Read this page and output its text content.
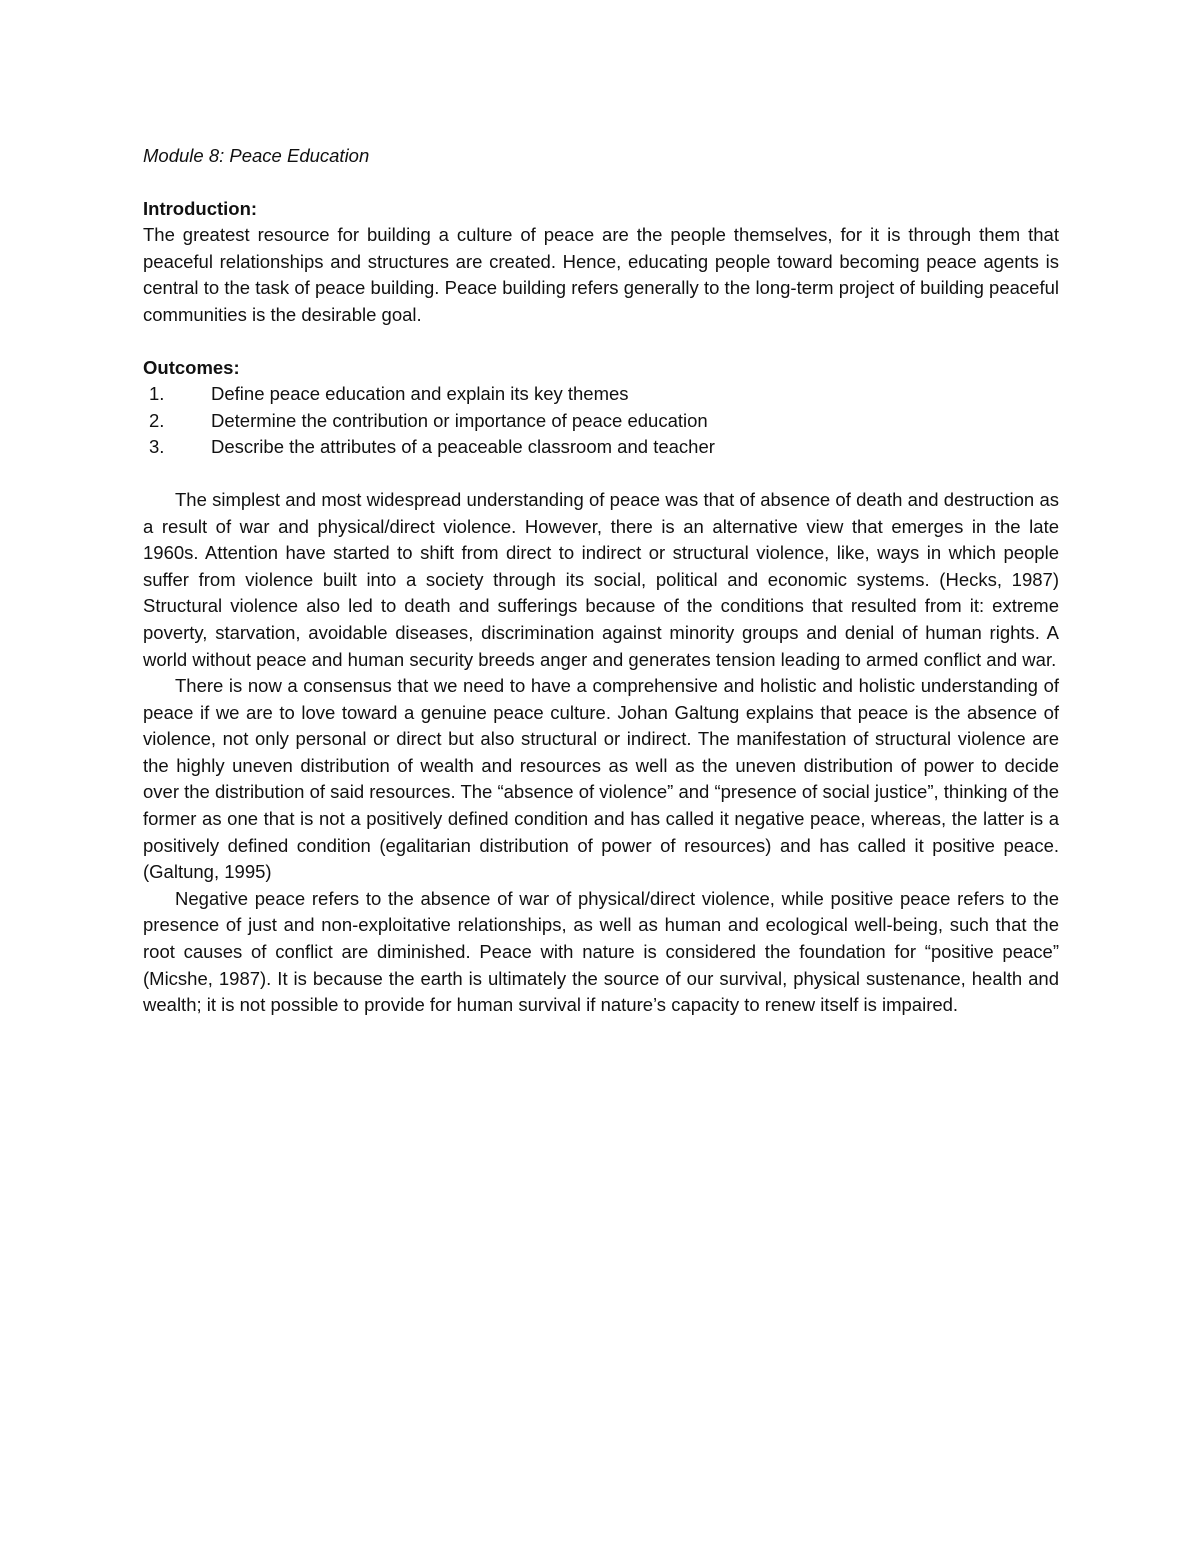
Module 8: Peace Education

Introduction:

The greatest resource for building a culture of peace are the people themselves, for it is through them that peaceful relationships and structures are created. Hence, educating people toward becoming peace agents is central to the task of peace building. Peace building refers generally to the long-term project of building peaceful communities is the desirable goal.

Outcomes:

1.	Define peace education and explain its key themes
2.	Determine the contribution or importance of peace education
3.	Describe the attributes of a peaceable classroom and teacher

The simplest and most widespread understanding of peace was that of absence of death and destruction as a result of war and physical/direct violence. However, there is an alternative view that emerges in the late 1960s. Attention have started to shift from direct to indirect or structural violence, like, ways in which people suffer from violence built into a society through its social, political and economic systems. (Hecks, 1987) Structural violence also led to death and sufferings because of the conditions that resulted from it: extreme poverty, starvation, avoidable diseases, discrimination against minority groups and denial of human rights. A world without peace and human security breeds anger and generates tension leading to armed conflict and war.

There is now a consensus that we need to have a comprehensive and holistic and holistic understanding of peace if we are to love toward a genuine peace culture. Johan Galtung explains that peace is the absence of violence, not only personal or direct but also structural or indirect. The manifestation of structural violence are the highly uneven distribution of wealth and resources as well as the uneven distribution of power to decide over the distribution of said resources. The “absence of violence” and “presence of social justice”, thinking of the former as one that is not a positively defined condition and has called it negative peace, whereas, the latter is a positively defined condition (egalitarian distribution of power of resources) and has called it positive peace. (Galtung, 1995)

Negative peace refers to the absence of war of physical/direct violence, while positive peace refers to the presence of just and non-exploitative relationships, as well as human and ecological well-being, such that the root causes of conflict are diminished. Peace with nature is considered the foundation for “positive peace” (Micshe, 1987). It is because the earth is ultimately the source of our survival, physical sustenance, health and wealth; it is not possible to provide for human survival if nature’s capacity to renew itself is impaired.
